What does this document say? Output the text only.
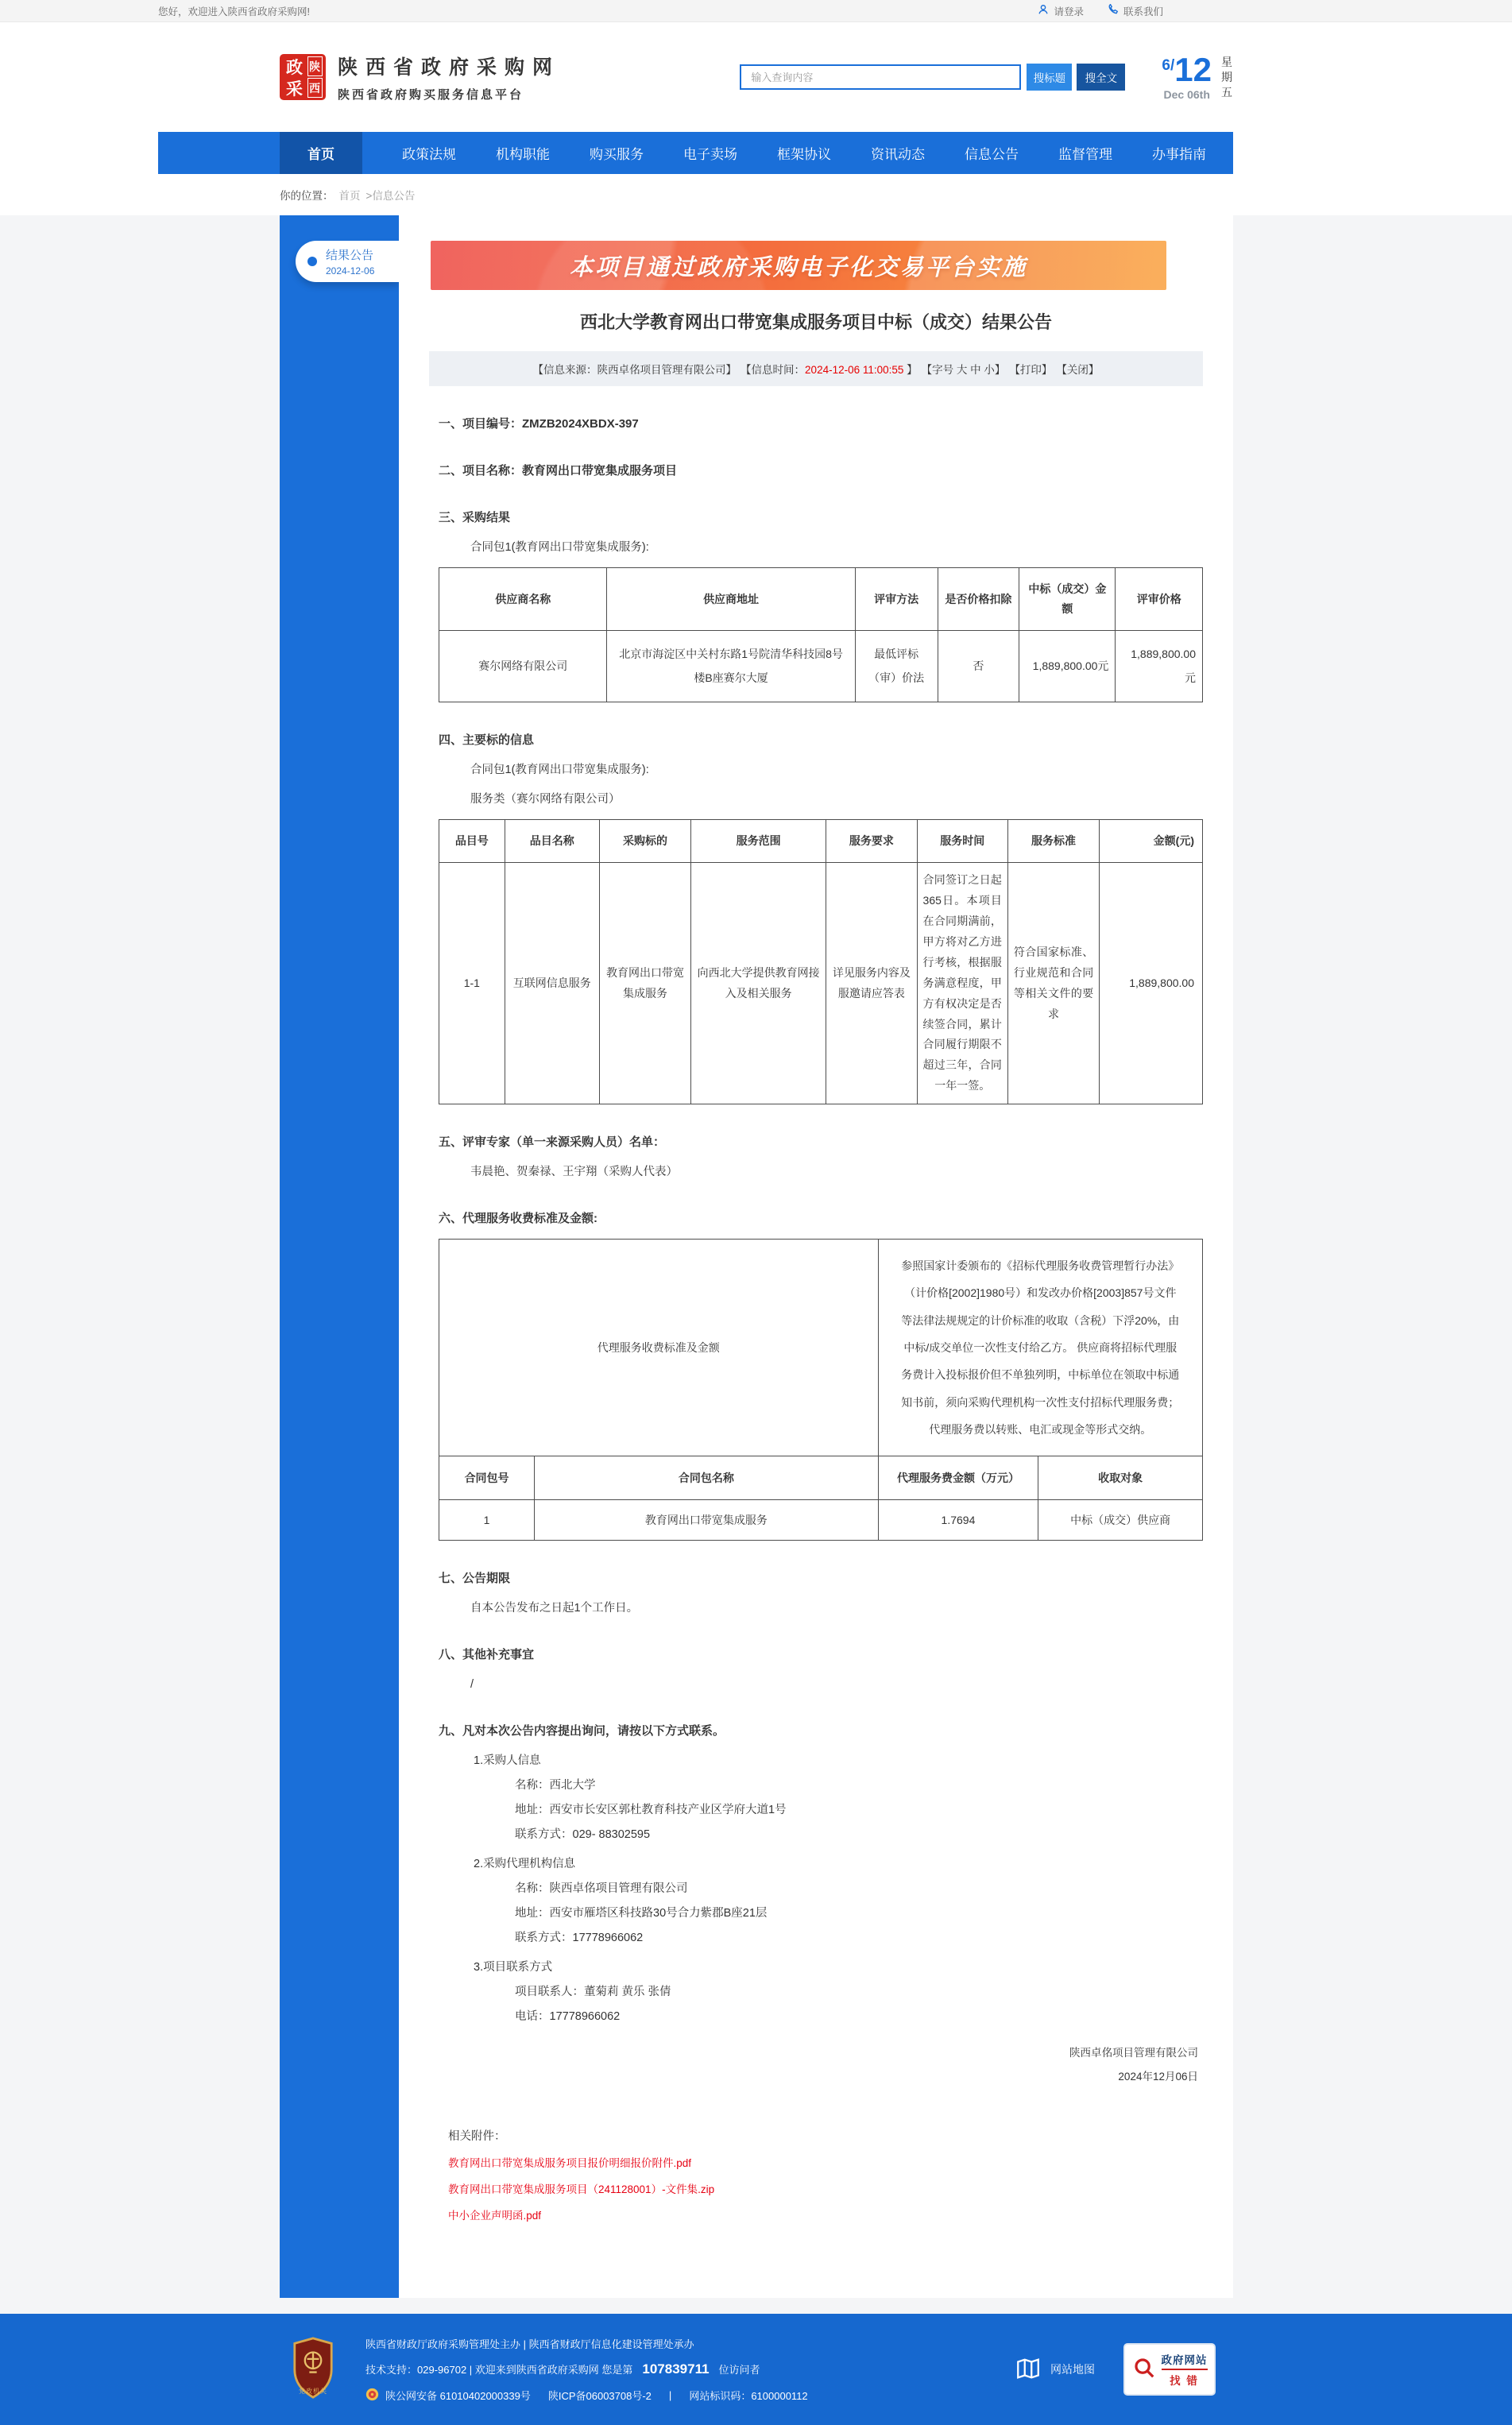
您好，欢迎进入陕西省政府采购网!	请登录	联系我们
政 陕
采 西
陕西省政府采购网
陕西省政府购买服务信息平台
输入查询内容
搜标题	搜全文
6/12
Dec 06th
星期五
首页	政策法规	机构职能	购买服务	电子卖场	框架协议	资讯动态	信息公告	监督管理	办事指南
你的位置： 首页 >信息公告
结果公告
2024-12-06	本项目通过政府采购电子化交易平台实施
西北大学教育网出口带宽集成服务项目中标（成交）结果公告
【信息来源：陕西卓佲项目管理有限公司】 【信息时间：2024-12-06 11:00:55 】 【字号 大 中 小】 【打印】 【关闭】
一、项目编号：ZMZB2024XBDX-397
二、项目名称：教育网出口带宽集成服务项目
三、采购结果
合同包1(教育网出口带宽集成服务):
供应商名称	供应商地址	评审方法	是否价格扣除	中标（成交）金额	评审价格
赛尔网络有限公司	北京市海淀区中关村东路1号院清华科技园8号楼B座赛尔大厦	最低评标（审）价法	否	1,889,800.00元	1,889,800.00元
四、主要标的信息
合同包1(教育网出口带宽集成服务):
服务类（赛尔网络有限公司）
品目号	品目名称	采购标的	服务范围	服务要求	服务时间	服务标准	金额(元)
1-1	互联网信息服务	教育网出口带宽集成服务	向西北大学提供教育网接入及相关服务	详见服务内容及服邀请应答表	合同签订之日起365日。本项目在合同期满前，甲方将对乙方进行考核，根据服务满意程度，甲方有权决定是否续签合同，累计合同履行期限不超过三年，合同一年一签。	符合国家标准、行业规范和合同等相关文件的要求	1,889,800.00
五、评审专家（单一来源采购人员）名单：
韦晨艳、贺秦禄、王宇翔（采购人代表）
六、代理服务收费标准及金额:
代理服务收费标准及金额		参照国家计委颁布的《招标代理服务收费管理暂行办法》（计价格[2002]1980号）和发改办价格[2003]857号文件等法律法规规定的计价标准的收取（含税）下浮20%，由中标/成交单位一次性支付给乙方。 供应商将招标代理服务费计入投标报价但不单独列明，中标单位在领取中标通知书前，须向采购代理机构一次性支付招标代理服务费；代理服务费以转账、电汇或现金等形式交纳。	
合同包号	合同包名称	代理服务费金额（万元）	收取对象
1	教育网出口带宽集成服务	1.7694	中标（成交）供应商
七、公告期限
自本公告发布之日起1个工作日。
八、其他补充事宜
/
九、凡对本次公告内容提出询问，请按以下方式联系。
1.采购人信息
名称：西北大学
地址：西安市长安区郭杜教育科技产业区学府大道1号
联系方式：029- 88302595
2.采购代理机构信息
名称：陕西卓佲项目管理有限公司
地址：西安市雁塔区科技路30号合力紫郡B座21层
联系方式：17778966062
3.项目联系方式
项目联系人：董菊莉 黄乐 张倩
电话：17778966062
陕西卓佲项目管理有限公司
2024年12月06日
相关附件：
教育网出口带宽集成服务项目报价明细报价附件.pdf
教育网出口带宽集成服务项目（241128001）-文件集.zip
中小企业声明函.pdf
党政机关
陕西省财政厅政府采购管理处主办 | 陕西省财政厅信息化建设管理处承办
技术支持：029-96702 | 欢迎来到陕西省政府采购网 您是第 107839711 位访问者
陕公网安备 61010402000339号 陕ICP备06003708号-2 | 网站标识码：6100000112
网站地图
政府网站
找 错
